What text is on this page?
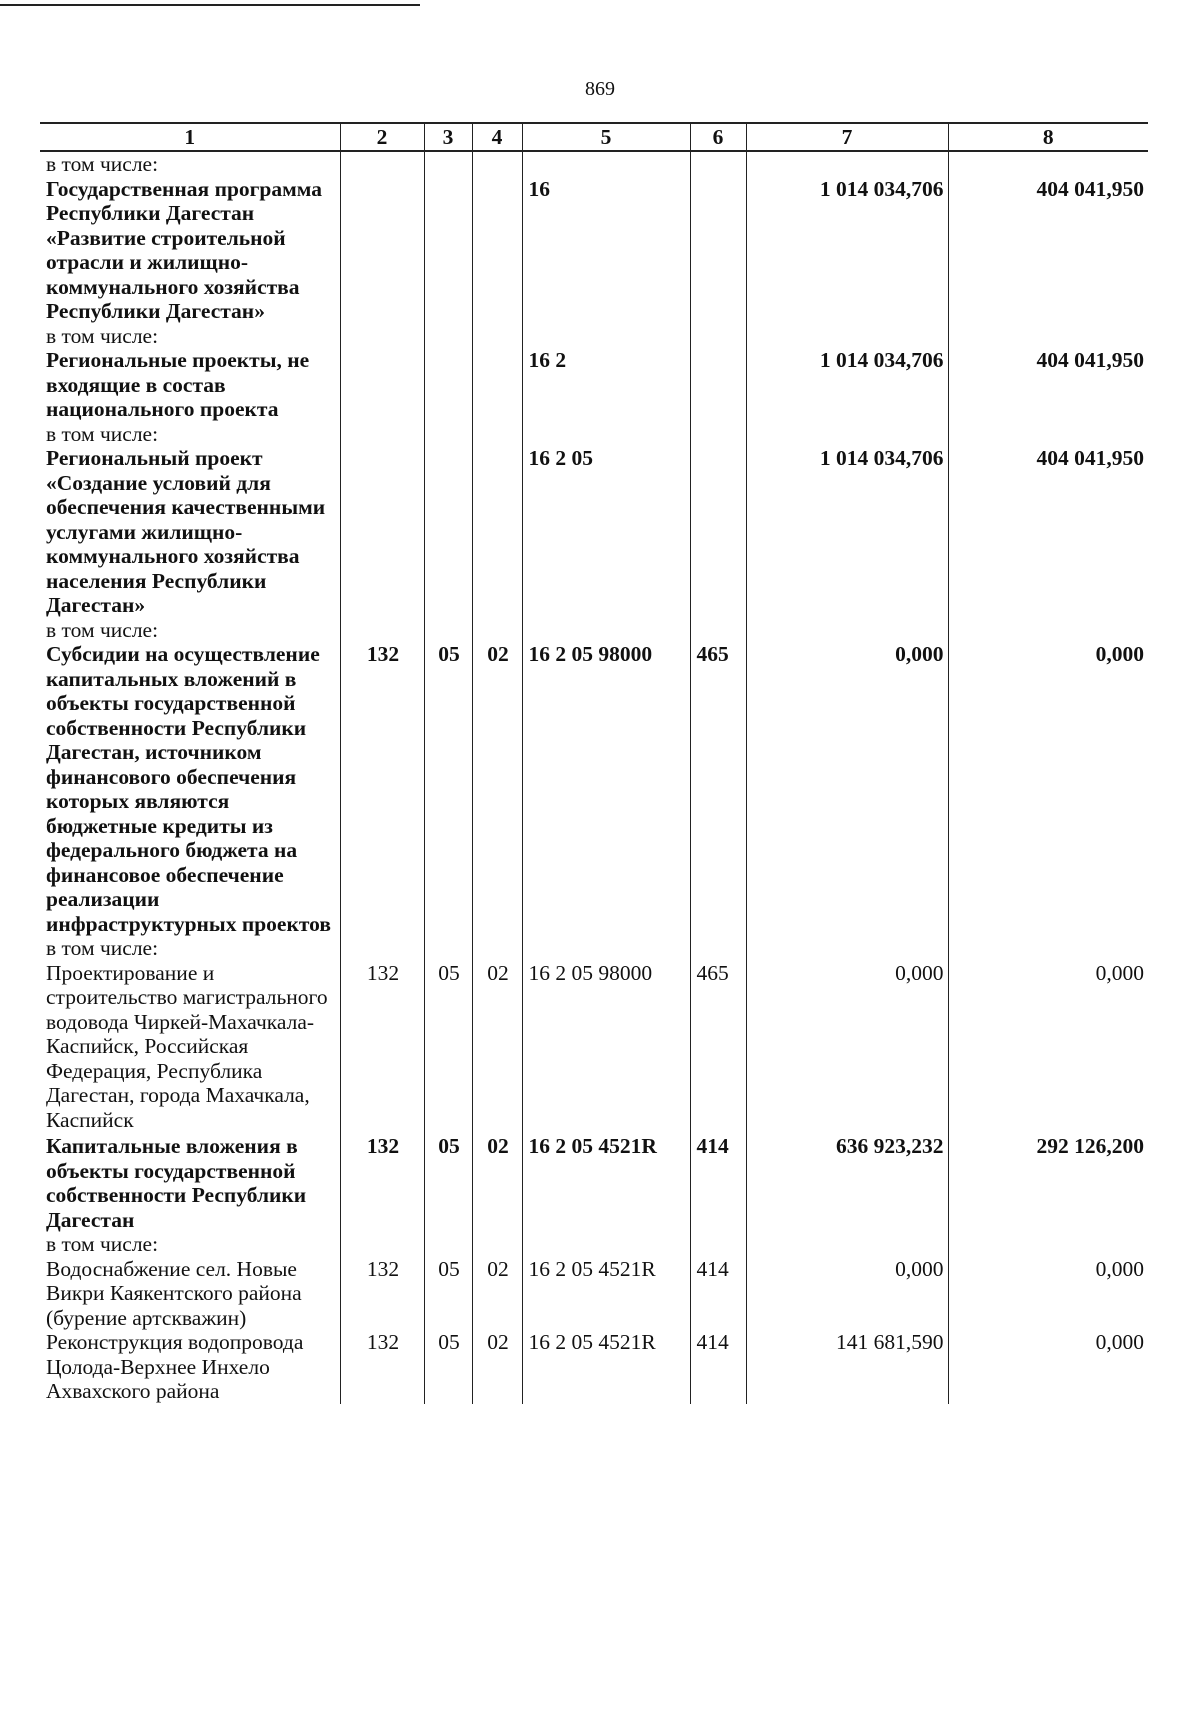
869
1	2	3	4	5	6	7	8
в том числе:							
Государственная программа Республики Дагестан «Развитие строительной отрасли и жилищно-коммунального хозяйства Республики Дагестан»				16		1 014 034,706	404 041,950
в том числе:							
Региональные проекты, не входящие в состав национального проекта				16 2		1 014 034,706	404 041,950
в том числе:							
Региональный проект «Создание условий для обеспечения качественными услугами жилищно-коммунального хозяйства населения Республики Дагестан»				16 2 05		1 014 034,706	404 041,950
в том числе:							
Субсидии на осуществление капитальных вложений в объекты государственной собственности Республики Дагестан, источником финансового обеспечения которых являются бюджетные кредиты из федерального бюджета на финансовое обеспечение реализации инфраструктурных проектов	132	05	02	16 2 05 98000	465	0,000	0,000
в том числе:							
Проектирование и строительство магистрального водовода Чиркей-Махачкала-Каспийск, Российская Федерация, Республика Дагестан, города Махачкала, Каспийск	132	05	02	16 2 05 98000	465	0,000	0,000
Капитальные вложения в объекты государственной собственности Республики Дагестан	132	05	02	16 2 05 4521R	414	636 923,232	292 126,200
в том числе:							
Водоснабжение сел. Новые Викри Каякентского района (бурение артскважин)	132	05	02	16 2 05 4521R	414	0,000	0,000
Реконструкция водопровода Цолода-Верхнее Инхело Ахвахского района	132	05	02	16 2 05 4521R	414	141 681,590	0,000
